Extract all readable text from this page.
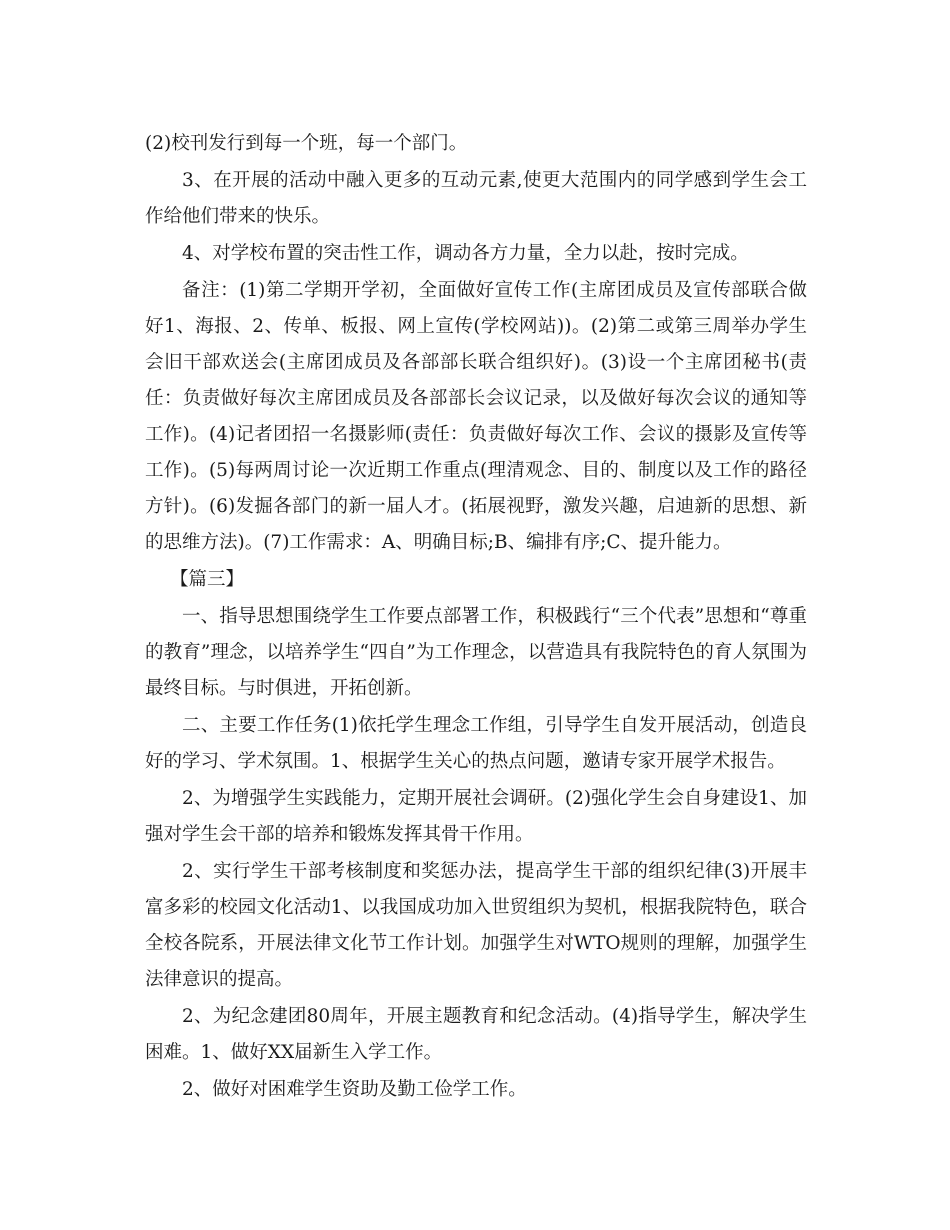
(2)校刊发行到每一个班，每一个部门。

3、在开展的活动中融入更多的互动元素,使更大范围内的同学感到学生会工作给他们带来的快乐。

4、对学校布置的突击性工作，调动各方力量，全力以赴，按时完成。

备注：(1)第二学期开学初，全面做好宣传工作(主席团成员及宣传部联合做好1、海报、2、传单、板报、网上宣传(学校网站))。(2)第二或第三周举办学生会旧干部欢送会(主席团成员及各部部长联合组织好)。(3)设一个主席团秘书(责任：负责做好每次主席团成员及各部部长会议记录，以及做好每次会议的通知等工作)。(4)记者团招一名摄影师(责任：负责做好每次工作、会议的摄影及宣传等工作)。(5)每两周讨论一次近期工作重点(理清观念、目的、制度以及工作的路径方针)。(6)发掘各部门的新一届人才。(拓展视野，激发兴趣，启迪新的思想、新的思维方法)。(7)工作需求：A、明确目标;B、编排有序;C、提升能力。

【篇三】

一、指导思想围绕学生工作要点部署工作，积极践行“三个代表”思想和“尊重的教育”理念，以培养学生“四自”为工作理念，以营造具有我院特色的育人氛围为最终目标。与时俱进，开拓创新。

二、主要工作任务(1)依托学生理念工作组，引导学生自发开展活动，创造良好的学习、学术氛围。1、根据学生关心的热点问题，邀请专家开展学术报告。

2、为增强学生实践能力，定期开展社会调研。(2)强化学生会自身建设1、加强对学生会干部的培养和锻炼发挥其骨干作用。

2、实行学生干部考核制度和奖惩办法，提高学生干部的组织纪律(3)开展丰富多彩的校园文化活动1、以我国成功加入世贸组织为契机，根据我院特色，联合全校各院系，开展法律文化节工作计划。加强学生对WTO规则的理解，加强学生法律意识的提高。

2、为纪念建团80周年，开展主题教育和纪念活动。(4)指导学生，解决学生困难。1、做好XX届新生入学工作。

2、做好对困难学生资助及勤工俭学工作。
